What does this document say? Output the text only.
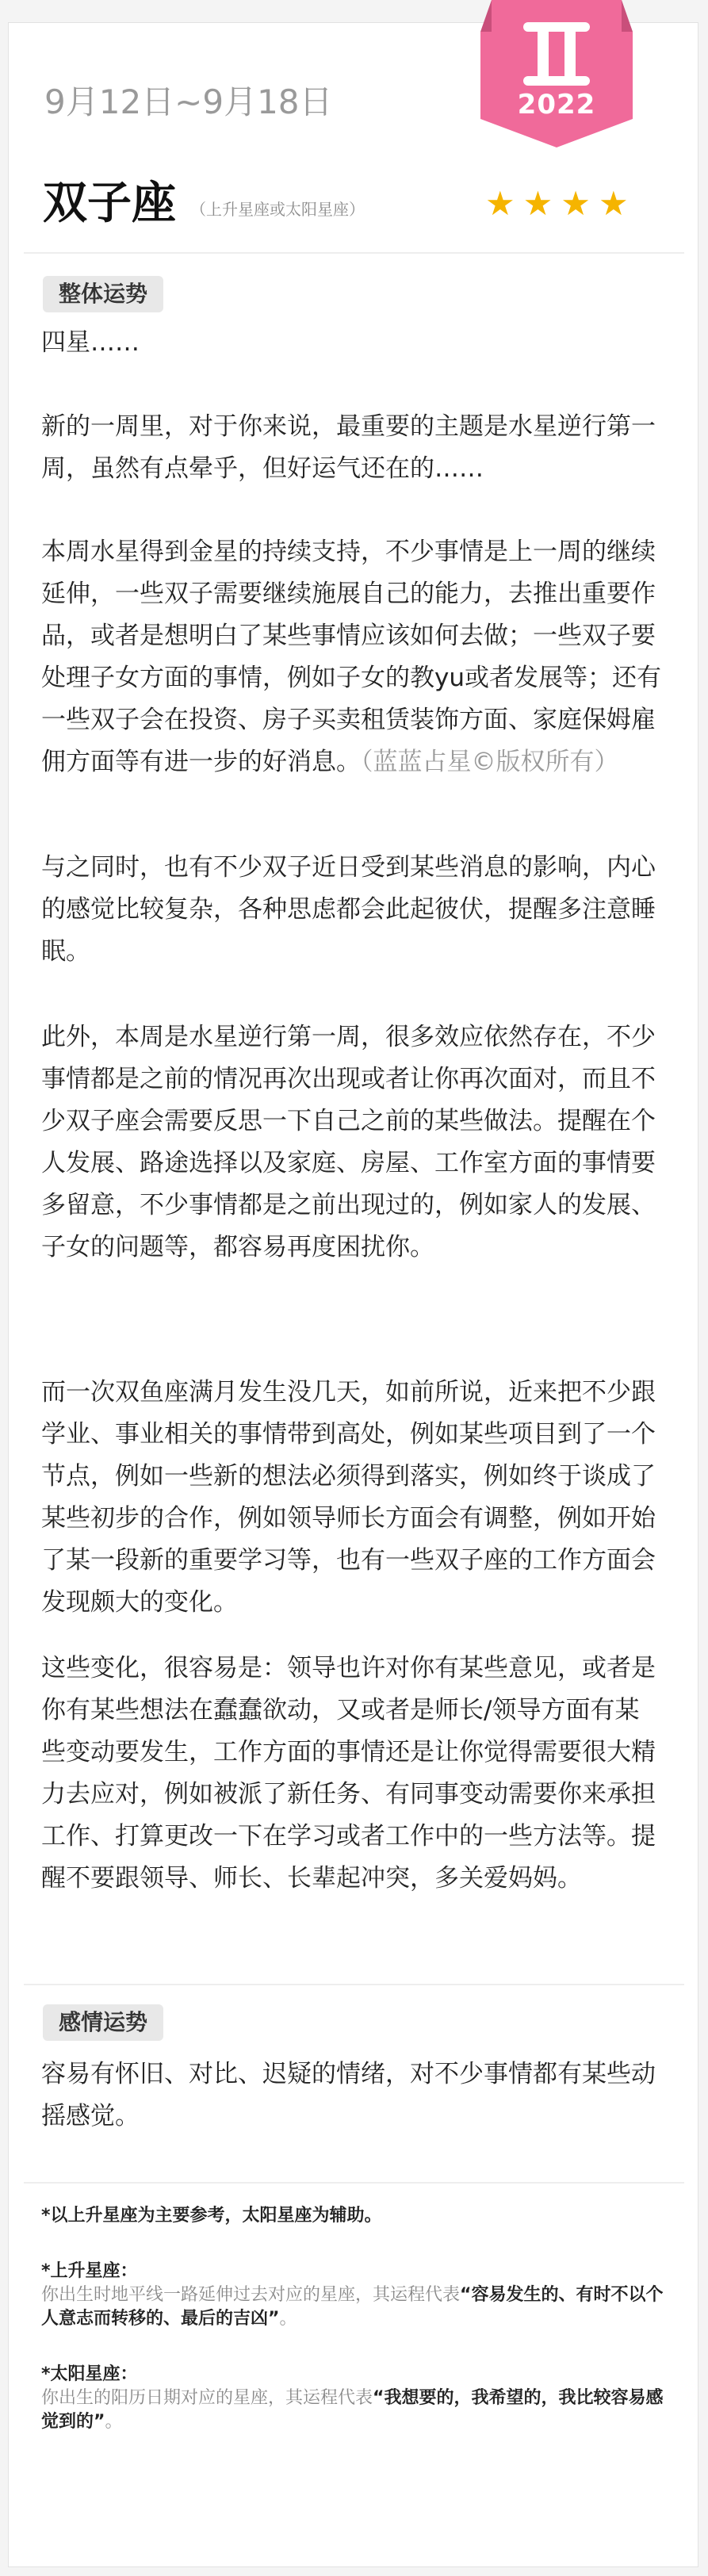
2022
9月12日~9月18日
双子座 （上升星座或太阳星座）	★★★★
整体运势

四星……

新的一周里，对于你来说，最重要的主题是水星逆行第一周，虽然有点晕乎，但好运气还在的……

本周水星得到金星的持续支持，不少事情是上一周的继续延伸，一些双子需要继续施展自己的能力，去推出重要作品，或者是想明白了某些事情应该如何去做；一些双子要处理子女方面的事情，例如子女的教yu或者发展等；还有一些双子会在投资、房子买卖租赁装饰方面、家庭保姆雇佣方面等有进一步的好消息。（蓝蓝占星©版权所有）

与之同时，也有不少双子近日受到某些消息的影响，内心的感觉比较复杂，各种思虑都会此起彼伏，提醒多注意睡眠。

此外，本周是水星逆行第一周，很多效应依然存在，不少事情都是之前的情况再次出现或者让你再次面对，而且不少双子座会需要反思一下自己之前的某些做法。提醒在个人发展、路途选择以及家庭、房屋、工作室方面的事情要多留意，不少事情都是之前出现过的，例如家人的发展、子女的问题等，都容易再度困扰你。

而一次双鱼座满月发生没几天，如前所说，近来把不少跟学业、事业相关的事情带到高处，例如某些项目到了一个节点，例如一些新的想法必须得到落实，例如终于谈成了某些初步的合作，例如领导师长方面会有调整，例如开始了某一段新的重要学习等，也有一些双子座的工作方面会发现颇大的变化。

这些变化，很容易是：领导也许对你有某些意见，或者是你有某些想法在蠢蠢欲动，又或者是师长/领导方面有某些变动要发生，工作方面的事情还是让你觉得需要很大精力去应对，例如被派了新任务、有同事变动需要你来承担工作、打算更改一下在学习或者工作中的一些方法等。提醒不要跟领导、师长、长辈起冲突，多关爱妈妈。

感情运势

容易有怀旧、对比、迟疑的情绪，对不少事情都有某些动摇感觉。

*以上升星座为主要参考，太阳星座为辅助。

*上升星座：
你出生时地平线一路延伸过去对应的星座，其运程代表“容易发生的、有时不以个人意志而转移的、最后的吉凶”。

*太阳星座：
你出生的阳历日期对应的星座，其运程代表“我想要的，我希望的，我比较容易感觉到的”。
